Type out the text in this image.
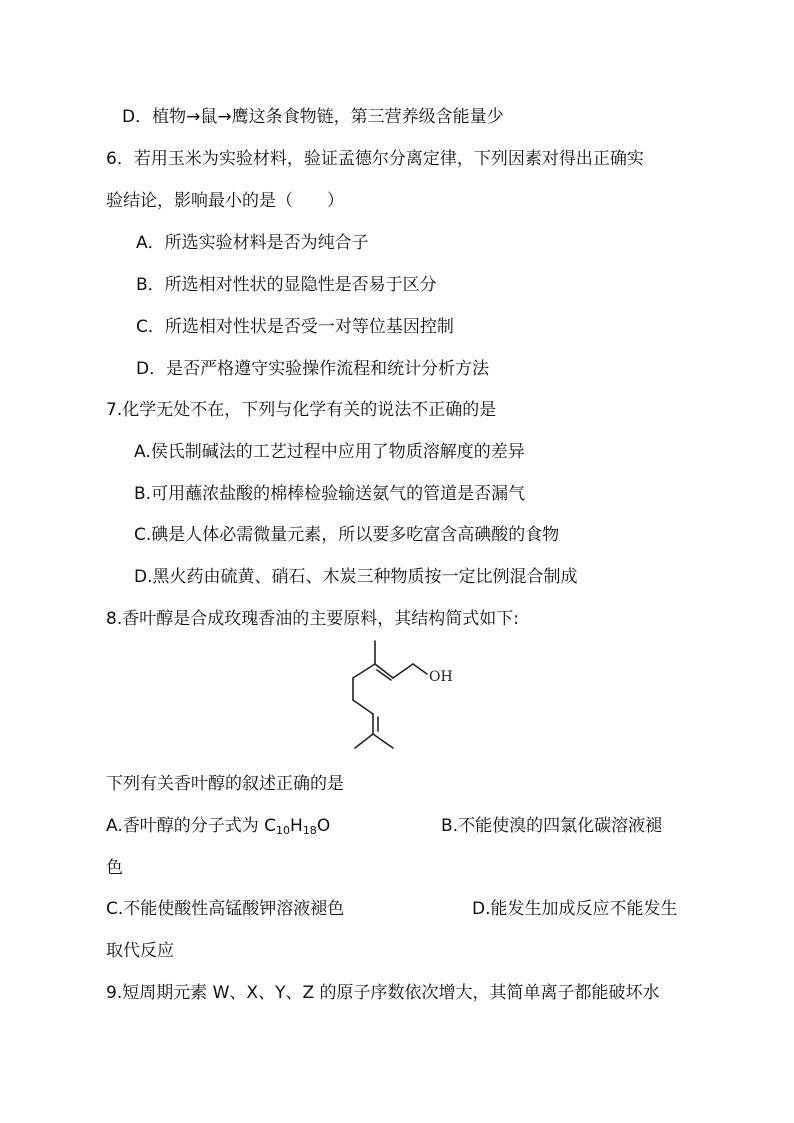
D．植物→鼠→鹰这条食物链，第三营养级含能量少
6．若用玉米为实验材料，验证孟德尔分离定律，下列因素对得出正确实
验结论，影响最小的是（　　）
A．所选实验材料是否为纯合子
B．所选相对性状的显隐性是否易于区分
C．所选相对性状是否受一对等位基因控制
D．是否严格遵守实验操作流程和统计分析方法
7.化学无处不在，下列与化学有关的说法不正确的是
A.侯氏制碱法的工艺过程中应用了物质溶解度的差异
B.可用蘸浓盐酸的棉棒检验输送氨气的管道是否漏气
C.碘是人体必需微量元素，所以要多吃富含高碘酸的食物
D.黑火药由硫黄、硝石、木炭三种物质按一定比例混合制成
8.香叶醇是合成玫瑰香油的主要原料，其结构简式如下:
OH
下列有关香叶醇的叙述正确的是
A.香叶醇的分子式为 $C_{10}H_{18}O$	B.不能使溴的四氯化碳溶液褪
色
C.不能使酸性高锰酸钾溶液褪色	D.能发生加成反应不能发生
取代反应
9.短周期元素 W、X、Y、Z 的原子序数依次增大，其简单离子都能破坏水
